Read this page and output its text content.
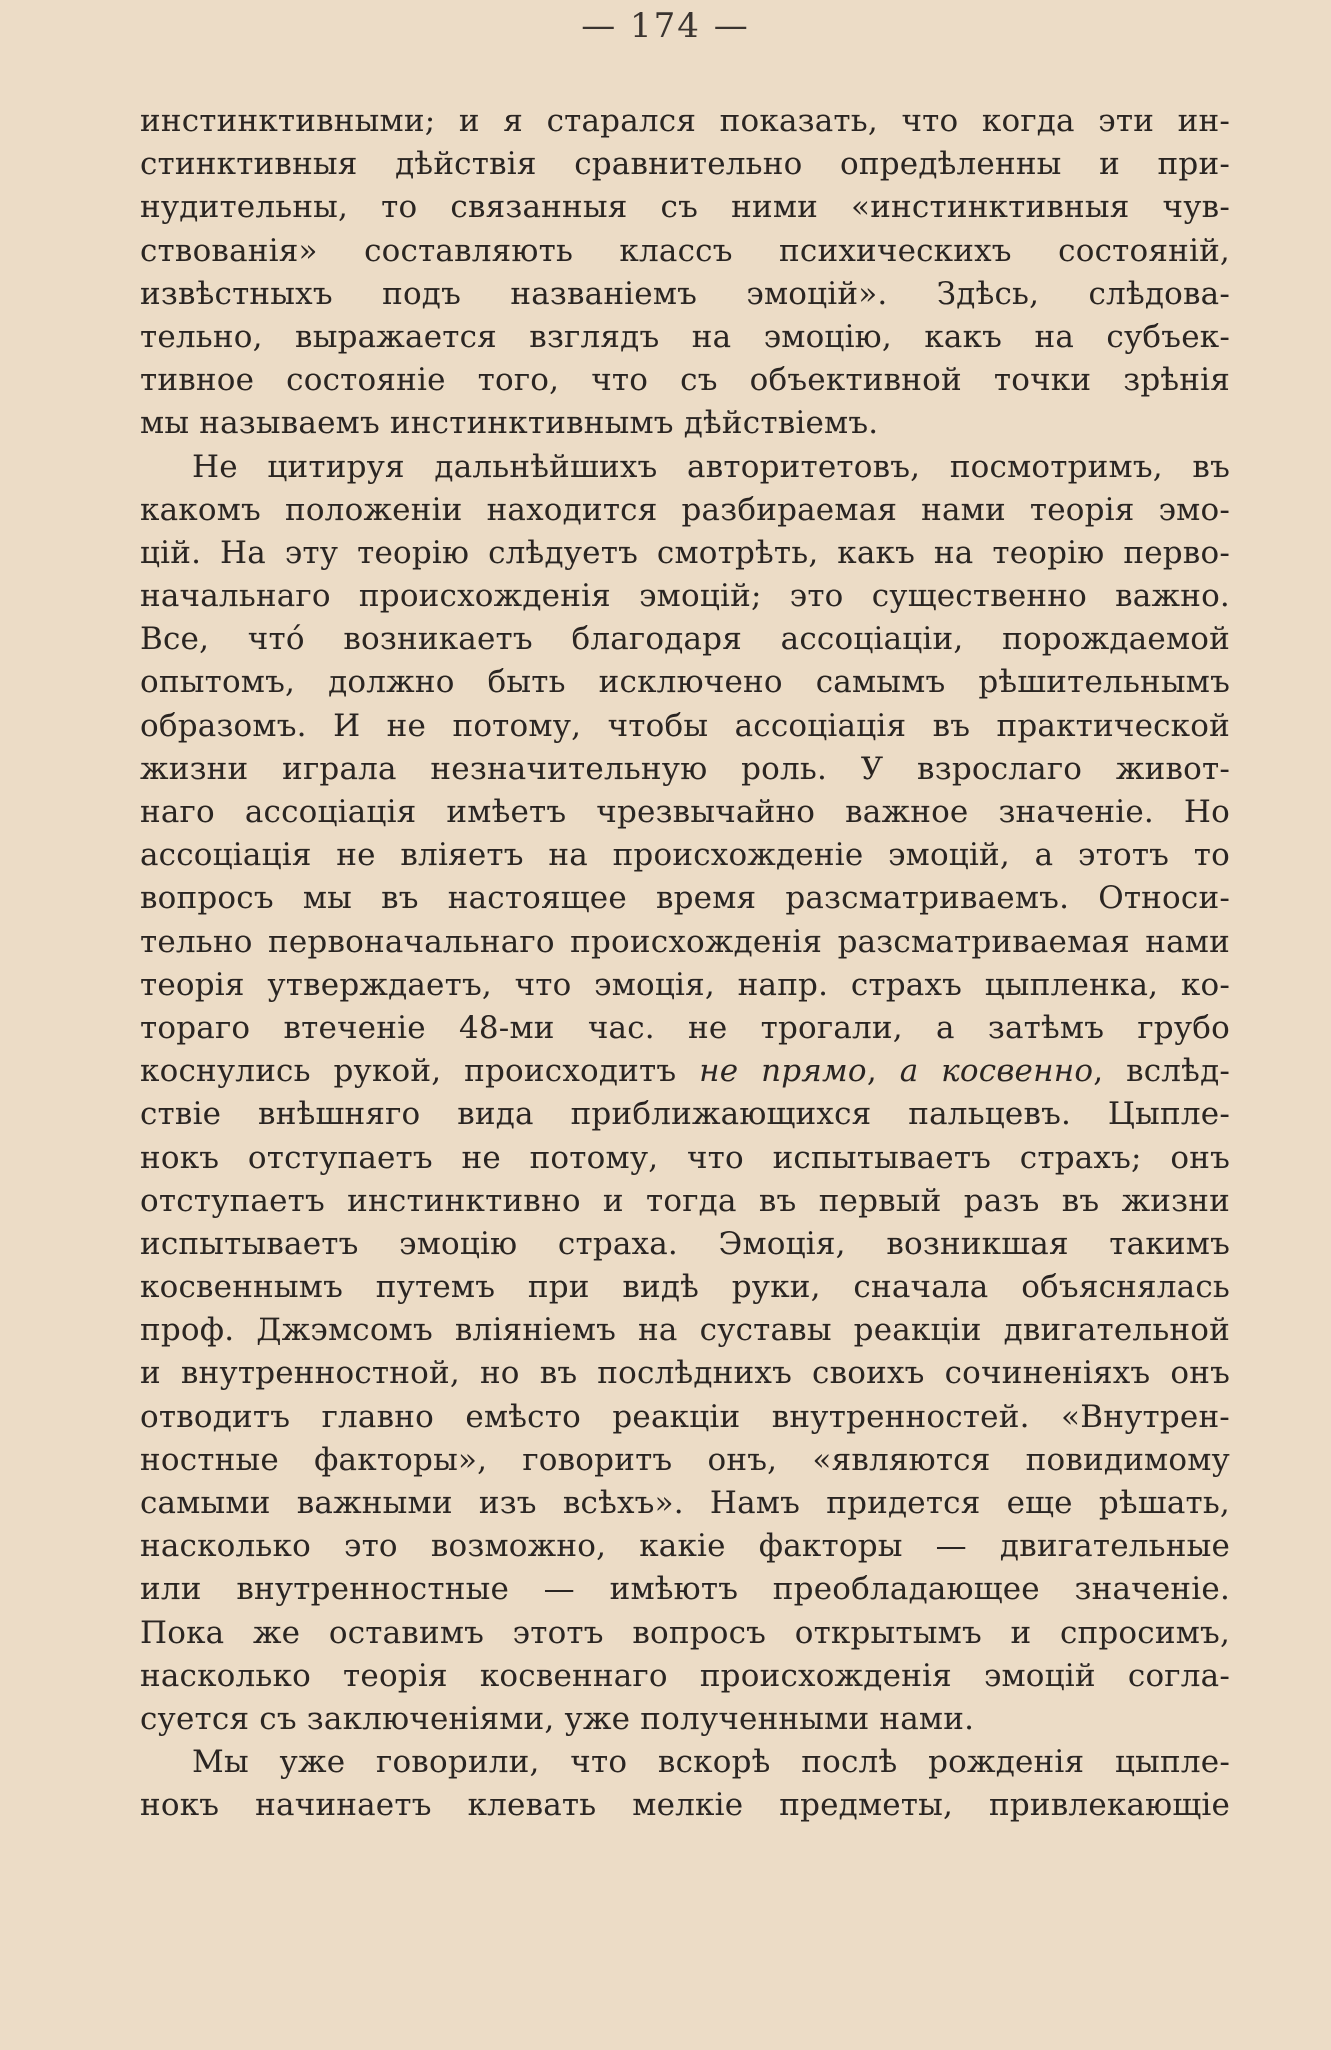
— 174 —
инстинктивными; и я старался показать, что когда эти ин-
стинктивныя дѣйствія сравнительно опредѣленны и при-
нудительны, то связанныя съ ними «инстинктивныя чув-
ствованія» составляють классъ психическихъ состояній,
извѣстныхъ подъ названіемъ эмоцій». Здѣсь, слѣдова-
тельно, выражается взглядъ на эмоцію, какъ на субъек-
тивное состояніе того, что съ объективной точки зрѣнія
мы называемъ инстинктивнымъ дѣйствіемъ.
Не цитируя дальнѣйшихъ авторитетовъ, посмотримъ, въ
какомъ положеніи находится разбираемая нами теорія эмо-
цій. На эту теорію слѣдуетъ смотрѣть, какъ на теорію перво-
начальнаго происхожденія эмоцій; это существенно важно.
Все, чтó возникаетъ благодаря ассоціаціи, порождаемой
опытомъ, должно быть исключено самымъ рѣшительнымъ
образомъ. И не потому, чтобы ассоціація въ практической
жизни играла незначительную роль. У взрослаго живот-
наго ассоціація имѣетъ чрезвычайно важное значеніе. Но
ассоціація не вліяетъ на происхожденіе эмоцій, а этотъ то
вопросъ мы въ настоящее время разсматриваемъ. Относи-
тельно первоначальнаго происхожденія разсматриваемая нами
теорія утверждаетъ, что эмоція, напр. страхъ цыпленка, ко-
тораго втеченіе 48-ми час. не трогали, а затѣмъ грубо
коснулись рукой, происходитъ не прямо, а косвенно, вслѣд-
ствіе внѣшняго вида приближающихся пальцевъ. Цыпле-
нокъ отступаетъ не потому, что испытываетъ страхъ; онъ
отступаетъ инстинктивно и тогда въ первый разъ въ жизни
испытываетъ эмоцію страха. Эмоція, возникшая такимъ
косвеннымъ путемъ при видѣ руки, сначала объяснялась
проф. Джэмсомъ вліяніемъ на суставы реакціи двигательной
и внутренностной, но въ послѣднихъ своихъ сочиненіяхъ онъ
отводитъ главно емѣсто реакціи внутренностей. «Внутрен-
ностные факторы», говоритъ онъ, «являются повидимому
самыми важными изъ всѣхъ». Намъ придется еще рѣшать,
насколько это возможно, какіе факторы — двигательные
или внутренностные — имѣютъ преобладающее значеніе.
Пока же оставимъ этотъ вопросъ открытымъ и спросимъ,
насколько теорія косвеннаго происхожденія эмоцій согла-
суется съ заключеніями, уже полученными нами.
Мы уже говорили, что вскорѣ послѣ рожденія цыпле-
нокъ начинаетъ клевать мелкіе предметы, привлекающіе
